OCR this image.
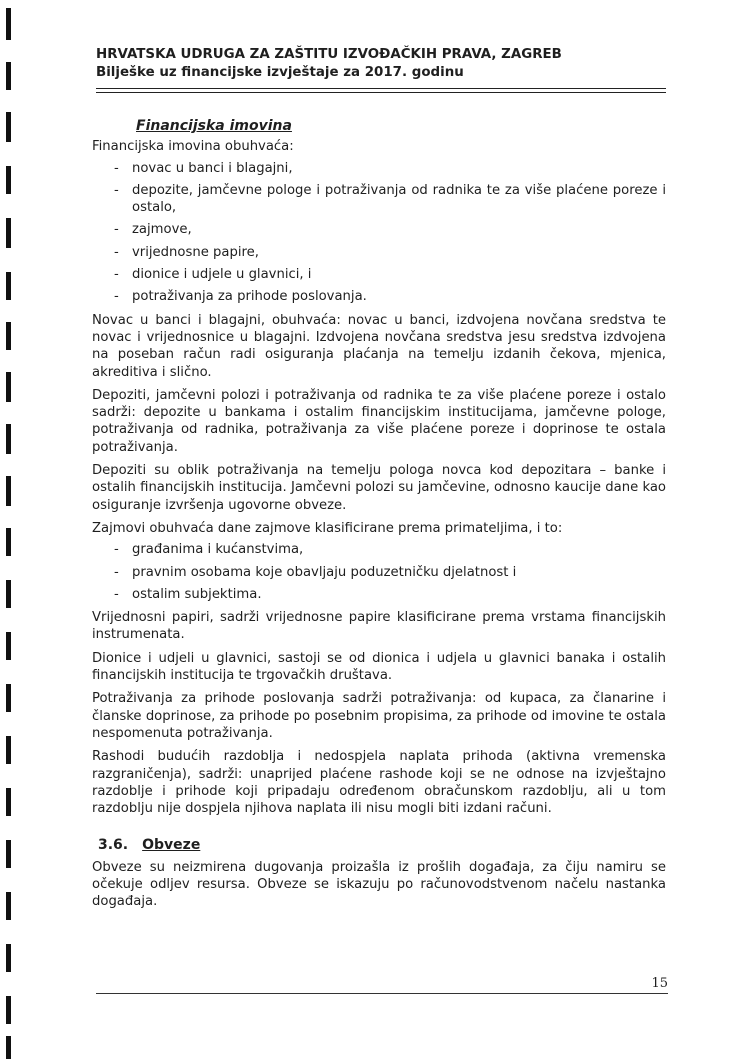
HRVATSKA UDRUGA ZA ZAŠTITU IZVOĐAČKIH PRAVA, ZAGREB
Bilješke uz financijske izvještaje za 2017. godinu
Financijska imovina

Financijska imovina obuhvaća:

- novac u banci i blagajni,
- depozite, jamčevne pologe i potraživanja od radnika te za više plaćene poreze i ostalo,
- zajmove,
- vrijednosne papire,
- dionice i udjele u glavnici, i
- potraživanja za prihode poslovanja.

Novac u banci i blagajni, obuhvaća: novac u banci, izdvojena novčana sredstva te novac i vrijednosnice u blagajni. Izdvojena novčana sredstva jesu sredstva izdvojena na poseban račun radi osiguranja plaćanja na temelju izdanih čekova, mjenica, akreditiva i slično.

Depoziti, jamčevni polozi i potraživanja od radnika te za više plaćene poreze i ostalo sadrži: depozite u bankama i ostalim financijskim institucijama, jamčevne pologe, potraživanja od radnika, potraživanja za više plaćene poreze i doprinose te ostala potraživanja.

Depoziti su oblik potraživanja na temelju pologa novca kod depozitara – banke i ostalih financijskih institucija. Jamčevni polozi su jamčevine, odnosno kaucije dane kao osiguranje izvršenja ugovorne obveze.

Zajmovi obuhvaća dane zajmove klasificirane prema primateljima, i to:

- građanima i kućanstvima,
- pravnim osobama koje obavljaju poduzetničku djelatnost i
- ostalim subjektima.

Vrijednosni papiri, sadrži vrijednosne papire klasificirane prema vrstama financijskih instrumenata.

Dionice i udjeli u glavnici, sastoji se od dionica i udjela u glavnici banaka i ostalih financijskih institucija te trgovačkih društava.

Potraživanja za prihode poslovanja sadrži potraživanja: od kupaca, za članarine i članske doprinose, za prihode po posebnim propisima, za prihode od imovine te ostala nespomenuta potraživanja.

Rashodi budućih razdoblja i nedospjela naplata prihoda (aktivna vremenska razgraničenja), sadrži: unaprijed plaćene rashode koji se ne odnose na izvještajno razdoblje i prihode koji pripadaju određenom obračunskom razdoblju, ali u tom razdoblju nije dospjela njihova naplata ili nisu mogli biti izdani računi.

3.6. Obveze

Obveze su neizmirena dugovanja proizašla iz prošlih događaja, za čiju namiru se očekuje odljev resursa. Obveze se iskazuju po računovodstvenom načelu nastanka događaja.

15
